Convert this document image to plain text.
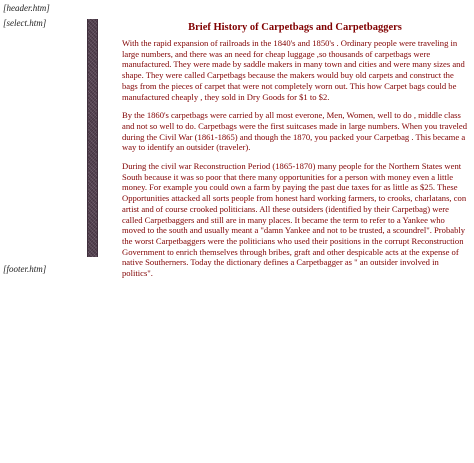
[header.htm]
[select.htm]	Brief History of Carpetbags and Carpetbaggers

With the rapid expansion of railroads in the 1840's and 1850's . Ordinary people were traveling in large numbers, and there was an need for cheap luggage ,so thousands of carpetbags were manufactured. They were made by saddle makers in many town and cities and were many sizes and shape. They were called Carpetbags because the makers would buy old carpets and construct the bags from the pieces of carpet that were not completely worn out. This how Carpet bags could be manufactured cheaply , they sold in Dry Goods for $1 to $2.

By the 1860's carpetbags were carried by all most everone, Men, Women, well to do , middle class and not so well to do. Carpetbags were the first suitcases made in large numbers. When you traveled during the Civil War (1861-1865) and though the 1870, you packed your Carpetbag . This became a way to identify an outsider (traveler).

During the civil war Reconstruction Period (1865-1870) many people for the Northern States went South because it was so poor that there many opportunities for a person with money even a little money. For example you could own a farm by paying the past due taxes for as little as $25. These Opportunities attacked all sorts people from honest hard working farmers, to crooks, charlatans, con artist and of course crooked politicians. All these outsiders (identified by their Carpetbag) were called Carpetbaggers and still are in many places. It became the term to refer to a Yankee who moved to the south and usually meant a "damn Yankee and not to be trusted, a scoundrel". Probably the worst Carpetbaggers were the politicians who used their positions in the corrupt Reconstruction Government to enrich themselves through bribes, graft and other despicable acts at the expense of native Southerners. Today the dictionary defines a Carpetbagger as " an outsider involved in politics".

[footer.htm]
